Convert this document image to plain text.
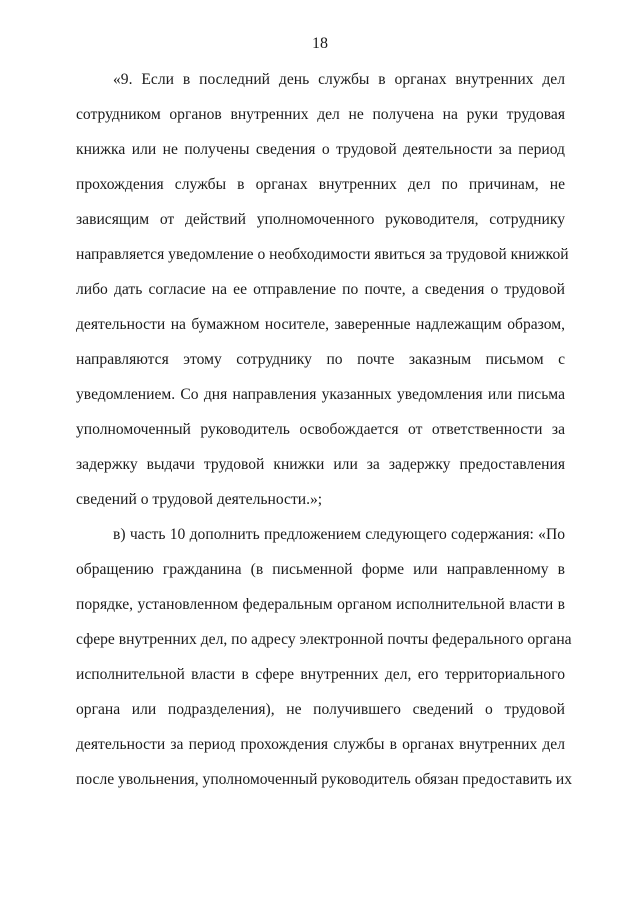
18
«9. Если в последний день службы в органах внутренних дел
сотрудником органов внутренних дел не получена на руки трудовая
книжка или не получены сведения о трудовой деятельности за период
прохождения службы в органах внутренних дел по причинам, не
зависящим от действий уполномоченного руководителя, сотруднику
направляется уведомление о необходимости явиться за трудовой книжкой
либо дать согласие на ее отправление по почте, а сведения о трудовой
деятельности на бумажном носителе, заверенные надлежащим образом,
направляются этому сотруднику по почте заказным письмом с
уведомлением. Со дня направления указанных уведомления или письма
уполномоченный руководитель освобождается от ответственности за
задержку выдачи трудовой книжки или за задержку предоставления
сведений о трудовой деятельности.»;
в) часть 10 дополнить предложением следующего содержания: «По
обращению гражданина (в письменной форме или направленному в
порядке, установленном федеральным органом исполнительной власти в
сфере внутренних дел, по адресу электронной почты федерального органа
исполнительной власти в сфере внутренних дел, его территориального
органа или подразделения), не получившего сведений о трудовой
деятельности за период прохождения службы в органах внутренних дел
после увольнения, уполномоченный руководитель обязан предоставить их
